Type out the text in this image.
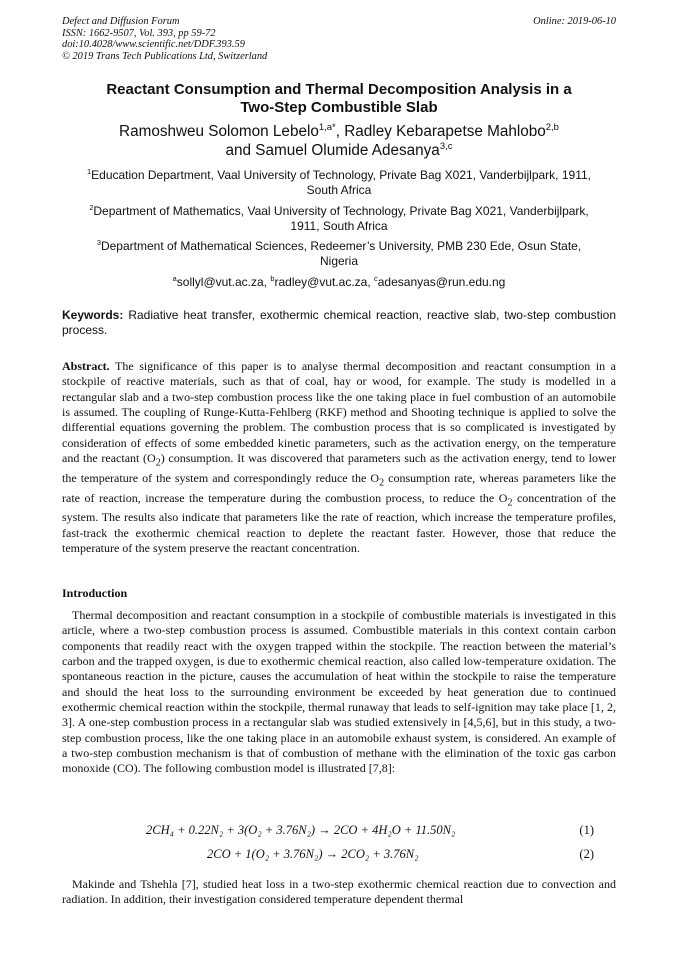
Defect and Diffusion Forum
ISSN: 1662-9507, Vol. 393, pp 59-72
doi:10.4028/www.scientific.net/DDF.393.59
© 2019 Trans Tech Publications Ltd, Switzerland
Online: 2019-06-10
Reactant Consumption and Thermal Decomposition Analysis in a
Two-Step Combustible Slab
Ramoshweu Solomon Lebelo$^{1,a*}$, Radley Kebarapetse Mahlobo$^{2,b}$
and Samuel Olumide Adesanya$^{3,c}$
$^1$Education Department, Vaal University of Technology, Private Bag X021, Vanderbijlpark, 1911,
South Africa
$^2$Department of Mathematics, Vaal University of Technology, Private Bag X021, Vanderbijlpark,
1911, South Africa
$^3$Department of Mathematical Sciences, Redeemer’s University, PMB 230 Ede, Osun State,
Nigeria
$^a$sollyl@vut.ac.za, $^b$radley@vut.ac.za, $^c$adesanyas@run.edu.ng
Keywords: Radiative heat transfer, exothermic chemical reaction, reactive slab, two-step combustion process.
Abstract. The significance of this paper is to analyse thermal decomposition and reactant consumption in a stockpile of reactive materials, such as that of coal, hay or wood, for example. The study is modelled in a rectangular slab and a two-step combustion process like the one taking place in fuel combustion of an automobile is assumed. The coupling of Runge-Kutta-Fehlberg (RKF) method and Shooting technique is applied to solve the differential equations governing the problem. The combustion process that is so complicated is investigated by consideration of effects of some embedded kinetic parameters, such as the activation energy, on the temperature and the reactant $(O_2)$ consumption. It was discovered that parameters such as the activation energy, tend to lower the temperature of the system and correspondingly reduce the $O_2$ consumption rate, whereas parameters like the rate of reaction, increase the temperature during the combustion process, to reduce the $O_2$ concentration of the system. The results also indicate that parameters like the rate of reaction, which increase the temperature profiles, fast-track the exothermic chemical reaction to deplete the reactant faster. However, those that reduce the temperature of the system preserve the reactant concentration.
Introduction
Thermal decomposition and reactant consumption in a stockpile of combustible materials is investigated in this article, where a two-step combustion process is assumed. Combustible materials in this context contain carbon components that readily react with the oxygen trapped within the stockpile. The reaction between the material’s carbon and the trapped oxygen, is due to exothermic chemical reaction, also called low-temperature oxidation. The spontaneous reaction in the picture, causes the accumulation of heat within the stockpile to raise the temperature and should the heat loss to the surrounding environment be exceeded by heat generation due to continued exothermic chemical reaction within the stockpile, thermal runaway that leads to self-ignition may take place [1, 2, 3]. A one-step combustion process in a rectangular slab was studied extensively in [4,5,6], but in this study, a two-step combustion process, like the one taking place in an automobile exhaust system, is considered. An example of a two-step combustion mechanism is that of combustion of methane with the elimination of the toxic gas carbon monoxide (CO). The following combustion model is illustrated [7,8]:
2CH₄ + 0.22N₂ + 3(O₂ + 3.76N₂) → 2CO + 4H₂O + 11.50N₂	(1)
2CO + 1(O₂ + 3.76N₂) → 2CO₂ + 3.76N₂	(2)
Makinde and Tshehla [7], studied heat loss in a two-step exothermic chemical reaction due to convection and radiation. In addition, their investigation considered temperature dependent thermal
